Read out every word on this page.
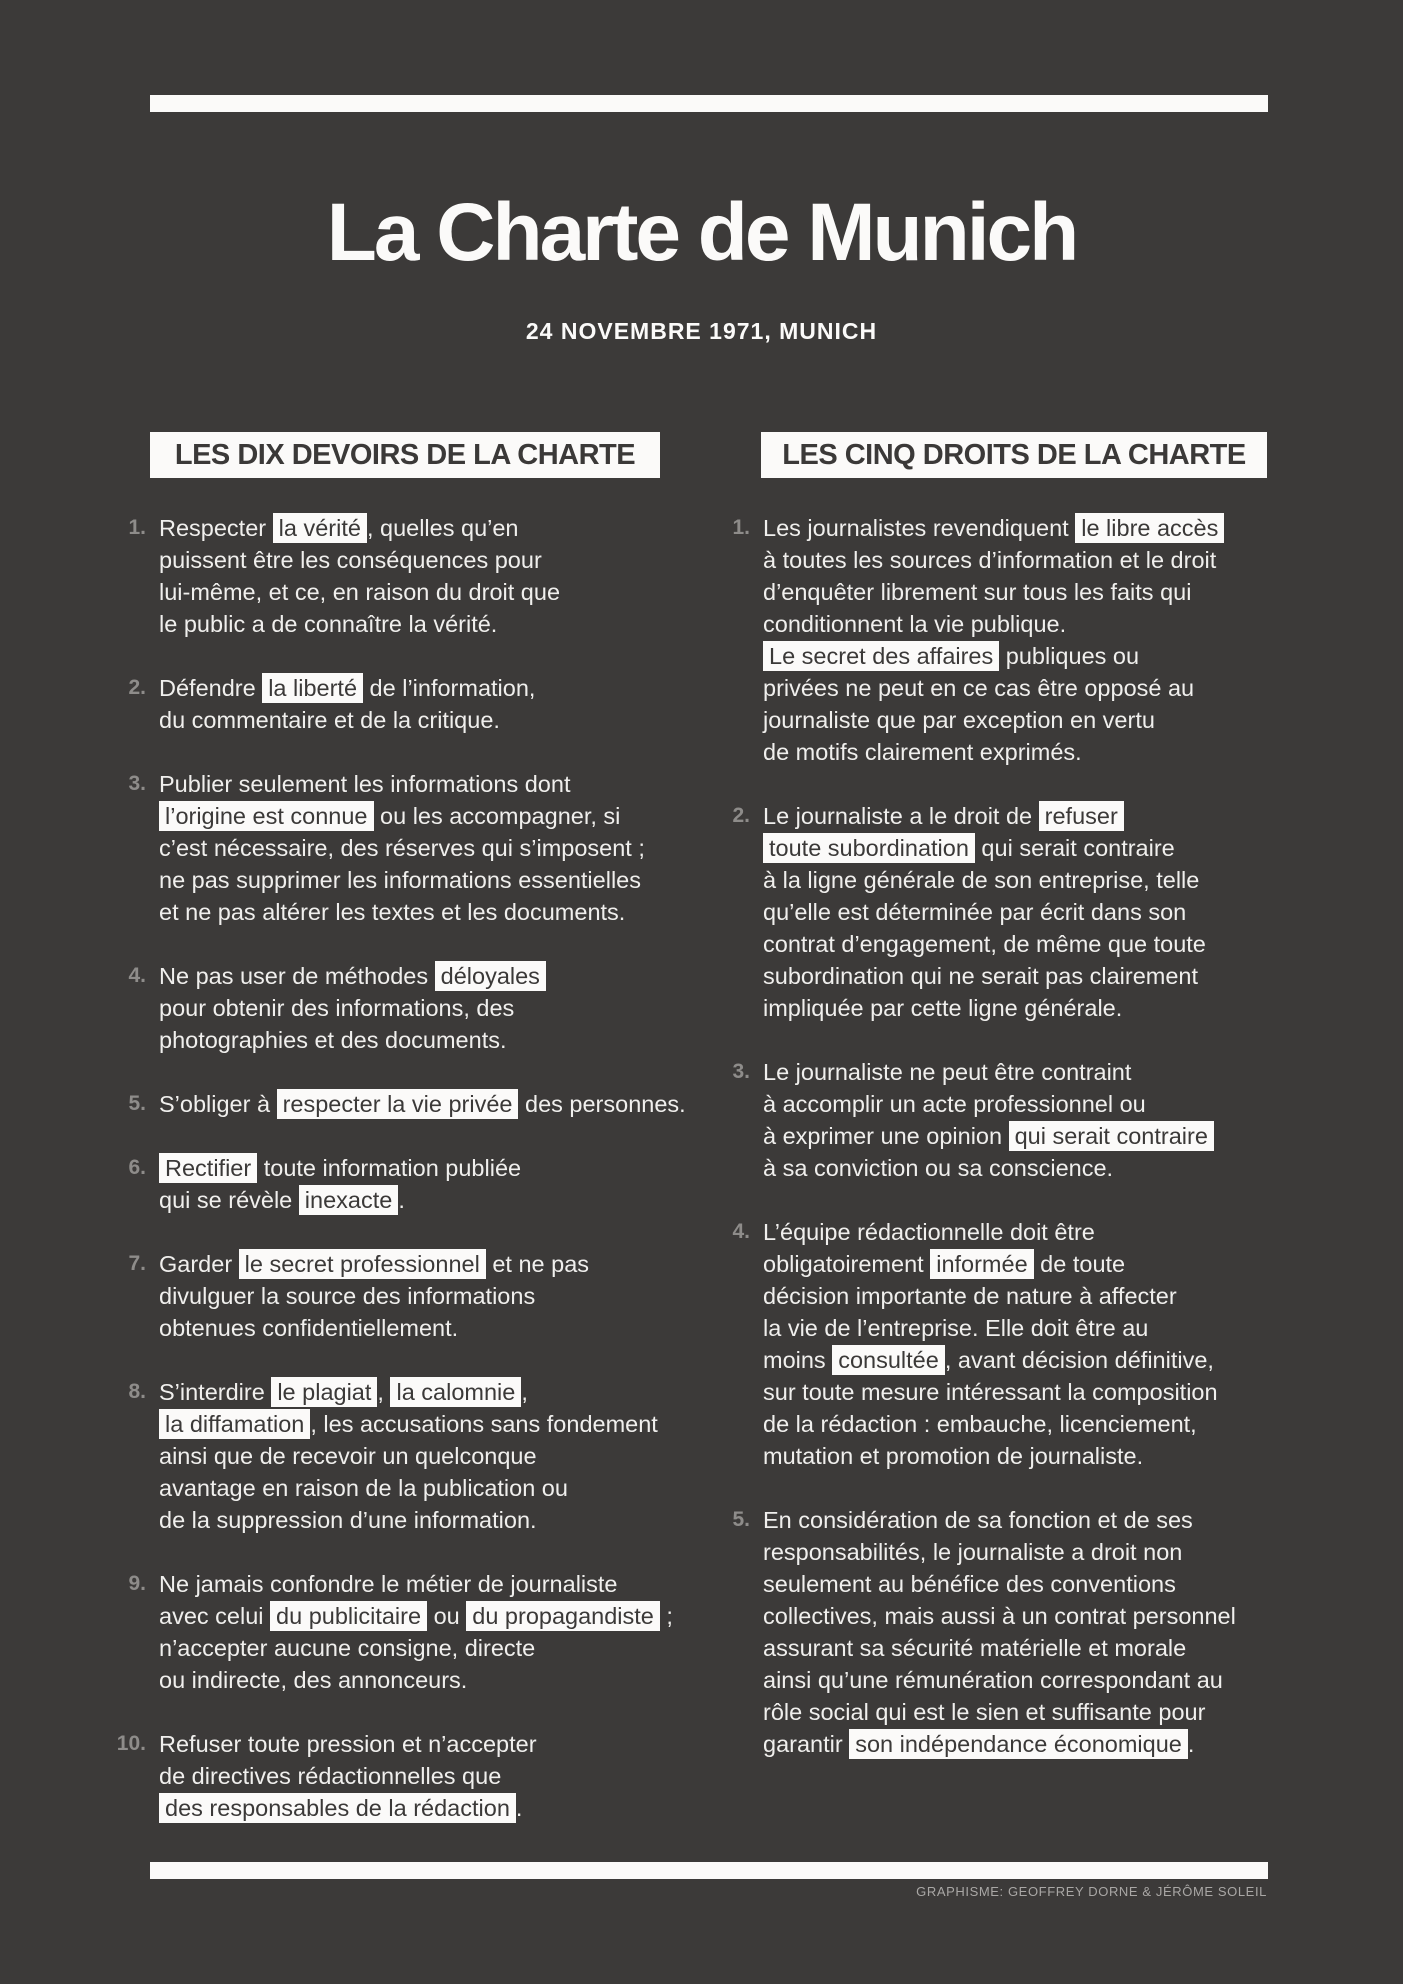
La Charte de Munich
24 NOVEMBRE 1971, MUNICH
LES DIX DEVOIRS DE LA CHARTE
1. Respecter la vérité , quelles qu’en
puissent être les conséquences pour
lui-même, et ce, en raison du droit que
le public a de connaître la vérité.
2. Défendre la liberté de l’information,
du commentaire et de la critique.
3. Publier seulement les informations dont
l’origine est connue ou les accompagner, si
c’est nécessaire, des réserves qui s’imposent ;
ne pas supprimer les informations essentielles
et ne pas altérer les textes et les documents.
4. Ne pas user de méthodes déloyales
pour obtenir des informations, des
photographies et des documents.
5. S’obliger à respecter la vie privée des personnes.
6. Rectifier toute information publiée
qui se révèle inexacte .
7. Garder le secret professionnel et ne pas
divulguer la source des informations
obtenues confidentiellement.
8. S’interdire le plagiat , la calomnie ,
la diffamation , les accusations sans fondement
ainsi que de recevoir un quelconque
avantage en raison de la publication ou
de la suppression d’une information.
9. Ne jamais confondre le métier de journaliste
avec celui du publicitaire ou du propagandiste ;
n’accepter aucune consigne, directe
ou indirecte, des annonceurs.
10. Refuser toute pression et n’accepter
de directives rédactionnelles que
des responsables de la rédaction .
LES CINQ DROITS DE LA CHARTE
1. Les journalistes revendiquent le libre accès
à toutes les sources d’information et le droit
d’enquêter librement sur tous les faits qui
conditionnent la vie publique.
Le secret des affaires publiques ou
privées ne peut en ce cas être opposé au
journaliste que par exception en vertu
de motifs clairement exprimés.
2. Le journaliste a le droit de refuser
toute subordination qui serait contraire
à la ligne générale de son entreprise, telle
qu’elle est déterminée par écrit dans son
contrat d’engagement, de même que toute
subordination qui ne serait pas clairement
impliquée par cette ligne générale.
3. Le journaliste ne peut être contraint
à accomplir un acte professionnel ou
à exprimer une opinion qui serait contraire
à sa conviction ou sa conscience.
4. L’équipe rédactionnelle doit être
obligatoirement informée de toute
décision importante de nature à affecter
la vie de l’entreprise. Elle doit être au
moins consultée , avant décision définitive,
sur toute mesure intéressant la composition
de la rédaction : embauche, licenciement,
mutation et promotion de journaliste.
5. En considération de sa fonction et de ses
responsabilités, le journaliste a droit non
seulement au bénéfice des conventions
collectives, mais aussi à un contrat personnel
assurant sa sécurité matérielle et morale
ainsi qu’une rémunération correspondant au
rôle social qui est le sien et suffisante pour
garantir son indépendance économique .
GRAPHISME: GEOFFREY DORNE & JÉRÔME SOLEIL
